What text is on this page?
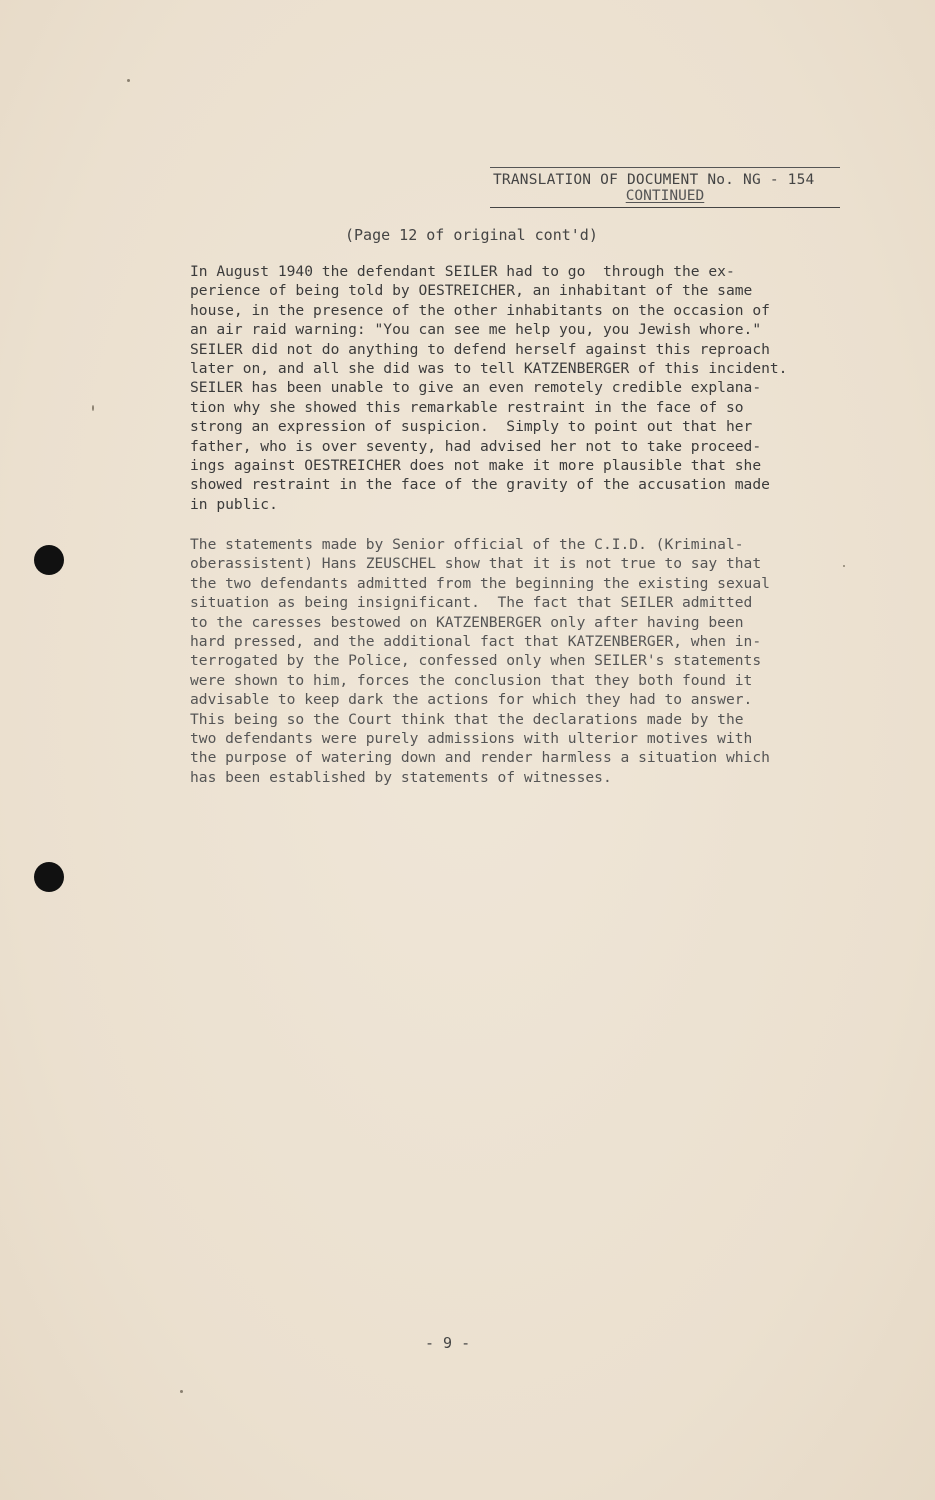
TRANSLATION OF DOCUMENT No. NG - 154
CONTINUED
(Page 12 of original cont'd)
In August 1940 the defendant SEILER had to go  through the ex-
perience of being told by OESTREICHER, an inhabitant of the same
house, in the presence of the other inhabitants on the occasion of
an air raid warning: "You can see me help you, you Jewish whore."
SEILER did not do anything to defend herself against this reproach
later on, and all she did was to tell KATZENBERGER of this incident.
SEILER has been unable to give an even remotely credible explana-
tion why she showed this remarkable restraint in the face of so
strong an expression of suspicion.  Simply to point out that her
father, who is over seventy, had advised her not to take proceed-
ings against OESTREICHER does not make it more plausible that she
showed restraint in the face of the gravity of the accusation made
in public.
The statements made by Senior official of the C.I.D. (Kriminal-
oberassistent) Hans ZEUSCHEL show that it is not true to say that
the two defendants admitted from the beginning the existing sexual
situation as being insignificant.  The fact that SEILER admitted
to the caresses bestowed on KATZENBERGER only after having been
hard pressed, and the additional fact that KATZENBERGER, when in-
terrogated by the Police, confessed only when SEILER's statements
were shown to him, forces the conclusion that they both found it
advisable to keep dark the actions for which they had to answer.
This being so the Court think that the declarations made by the
two defendants were purely admissions with ulterior motives with
the purpose of watering down and render harmless a situation which
has been established by statements of witnesses.
- 9 -
